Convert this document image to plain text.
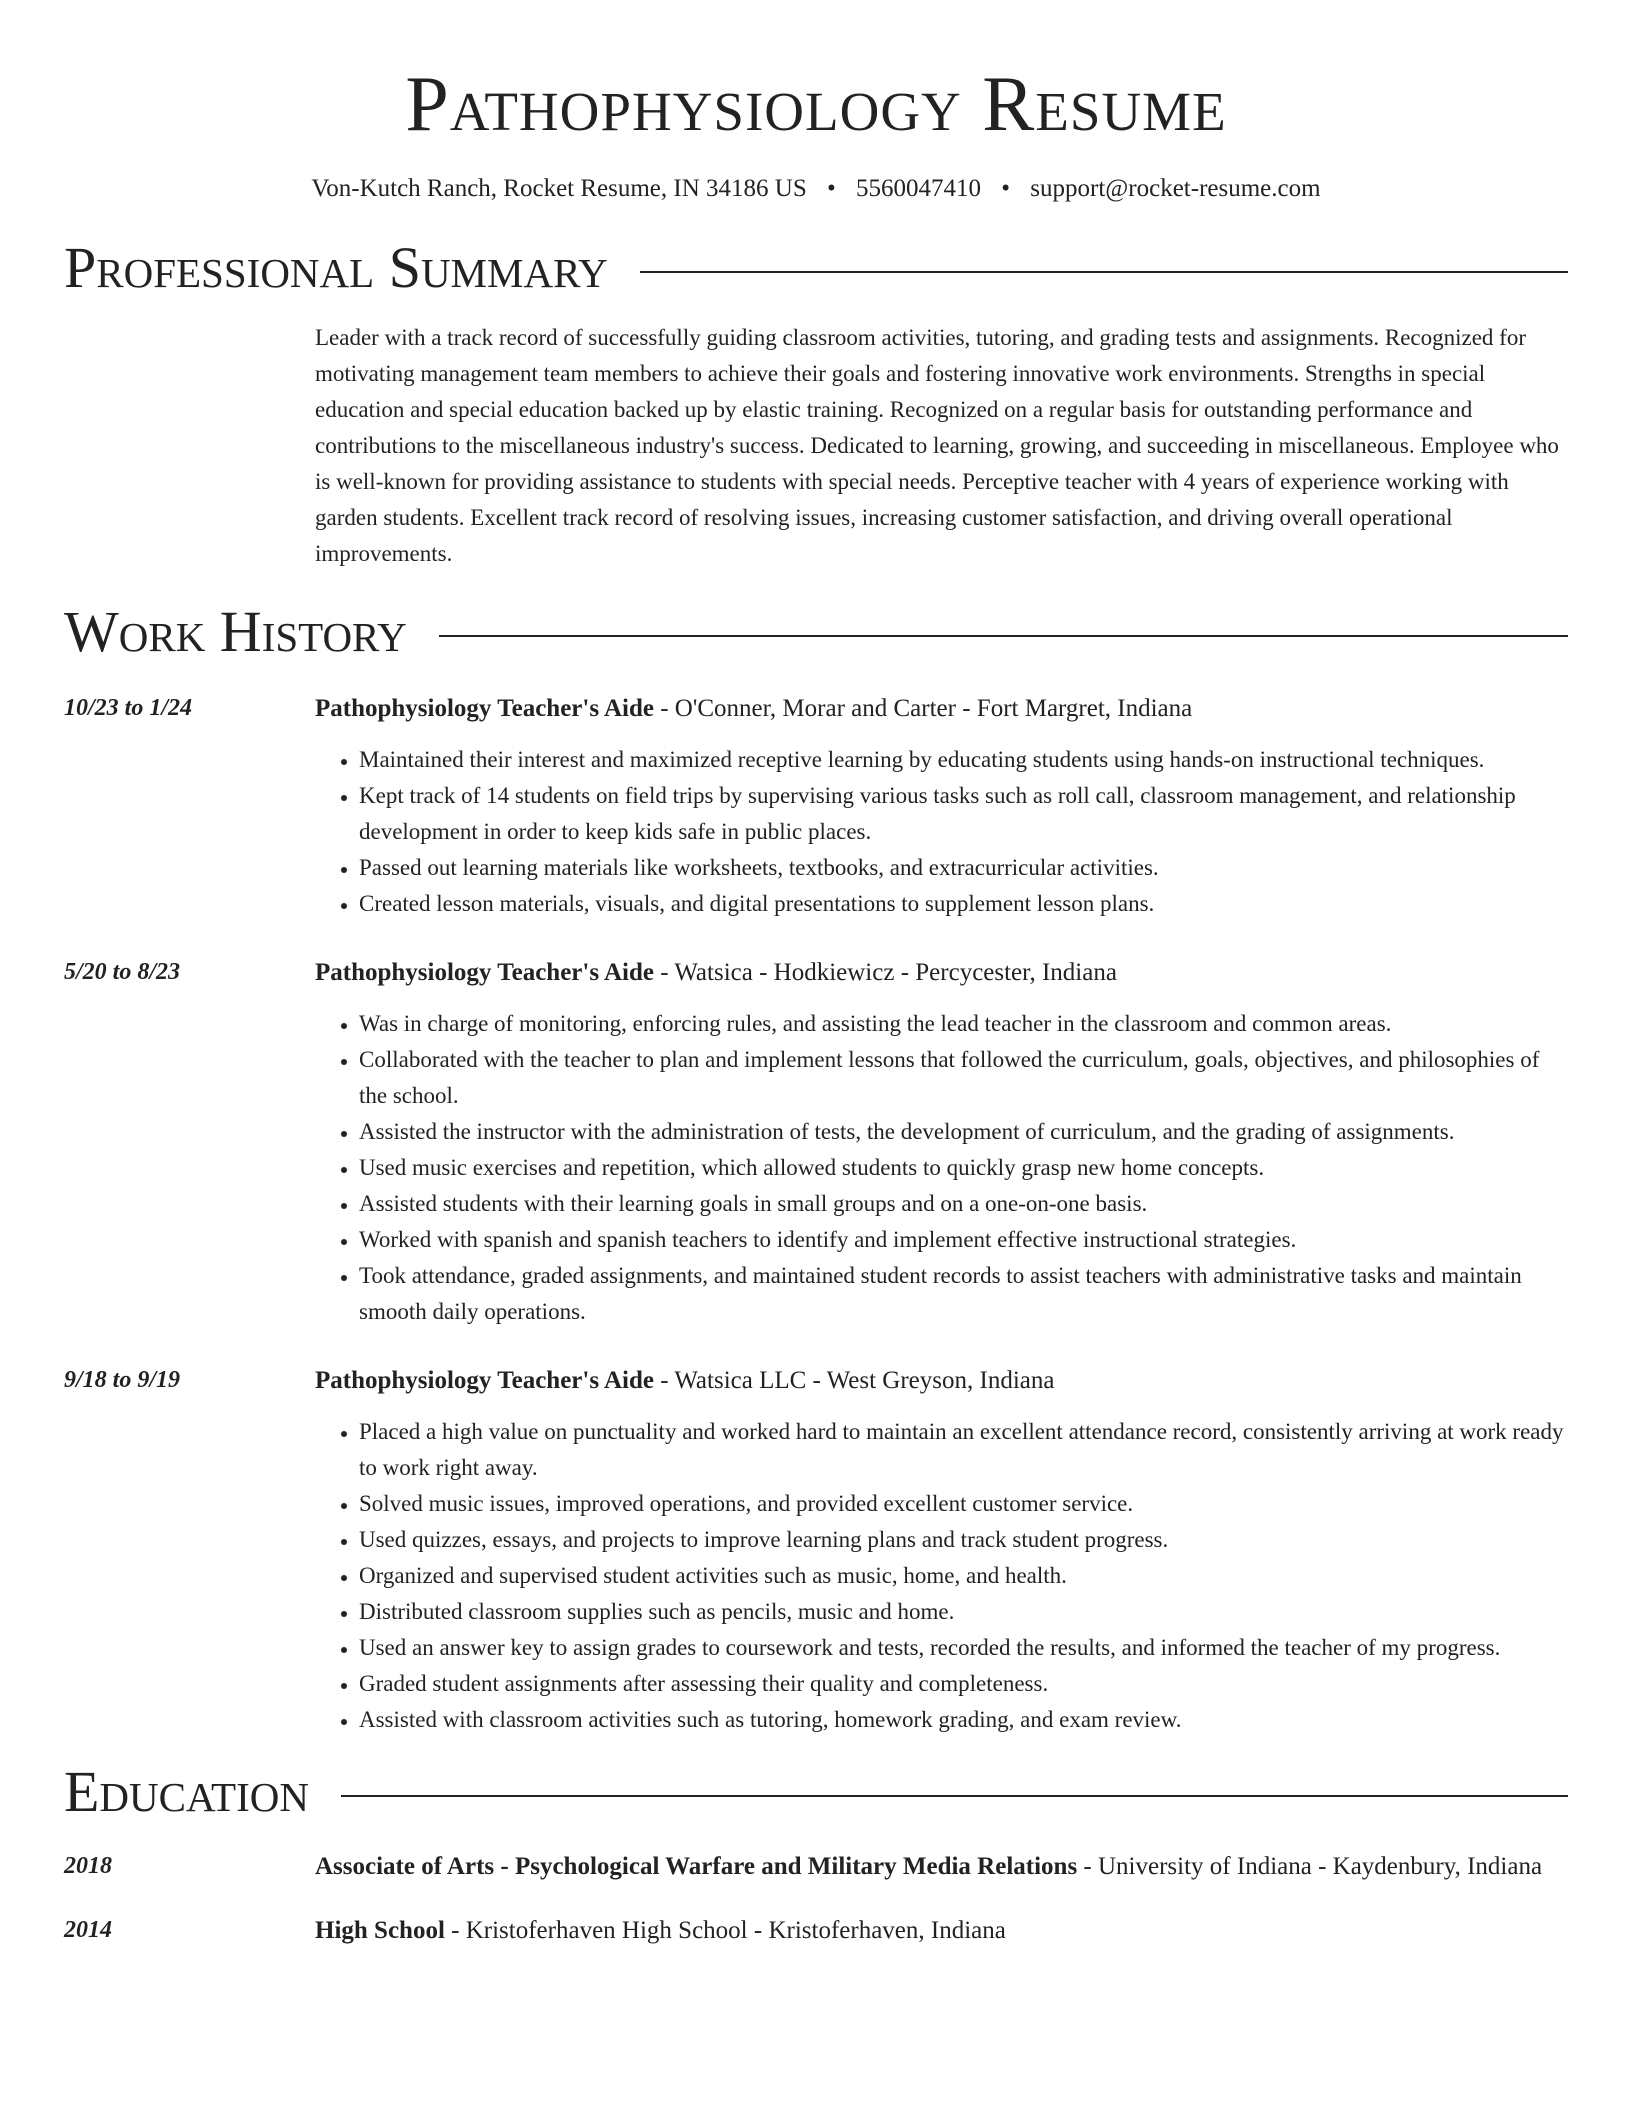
Pathophysiology Resume
Von-Kutch Ranch, Rocket Resume, IN 34186 US • 5560047410 • support@rocket-resume.com
Professional Summary

Leader with a track record of successfully guiding classroom activities, tutoring, and grading tests and assignments. Recognized for motivating management team members to achieve their goals and fostering innovative work environments. Strengths in special education and special education backed up by elastic training. Recognized on a regular basis for outstanding performance and contributions to the miscellaneous industry's success. Dedicated to learning, growing, and succeeding in miscellaneous. Employee who is well-known for providing assistance to students with special needs. Perceptive teacher with 4 years of experience working with garden students. Excellent track record of resolving issues, increasing customer satisfaction, and driving overall operational improvements.

Work History
10/23 to 1/24	Pathophysiology Teacher's Aide - O'Conner, Morar and Carter - Fort Margret, Indiana
• Maintained their interest and maximized receptive learning by educating students using hands-on instructional techniques.
• Kept track of 14 students on field trips by supervising various tasks such as roll call, classroom management, and relationship development in order to keep kids safe in public places.
• Passed out learning materials like worksheets, textbooks, and extracurricular activities.
• Created lesson materials, visuals, and digital presentations to supplement lesson plans.
5/20 to 8/23	Pathophysiology Teacher's Aide - Watsica - Hodkiewicz - Percycester, Indiana
• Was in charge of monitoring, enforcing rules, and assisting the lead teacher in the classroom and common areas.
• Collaborated with the teacher to plan and implement lessons that followed the curriculum, goals, objectives, and philosophies of the school.
• Assisted the instructor with the administration of tests, the development of curriculum, and the grading of assignments.
• Used music exercises and repetition, which allowed students to quickly grasp new home concepts.
• Assisted students with their learning goals in small groups and on a one-on-one basis.
• Worked with spanish and spanish teachers to identify and implement effective instructional strategies.
• Took attendance, graded assignments, and maintained student records to assist teachers with administrative tasks and maintain smooth daily operations.
9/18 to 9/19	Pathophysiology Teacher's Aide - Watsica LLC - West Greyson, Indiana
• Placed a high value on punctuality and worked hard to maintain an excellent attendance record, consistently arriving at work ready to work right away.
• Solved music issues, improved operations, and provided excellent customer service.
• Used quizzes, essays, and projects to improve learning plans and track student progress.
• Organized and supervised student activities such as music, home, and health.
• Distributed classroom supplies such as pencils, music and home.
• Used an answer key to assign grades to coursework and tests, recorded the results, and informed the teacher of my progress.
• Graded student assignments after assessing their quality and completeness.
• Assisted with classroom activities such as tutoring, homework grading, and exam review.
Education
2018	Associate of Arts - Psychological Warfare and Military Media Relations - University of Indiana - Kaydenbury, Indiana
2014	High School - Kristoferhaven High School - Kristoferhaven, Indiana
